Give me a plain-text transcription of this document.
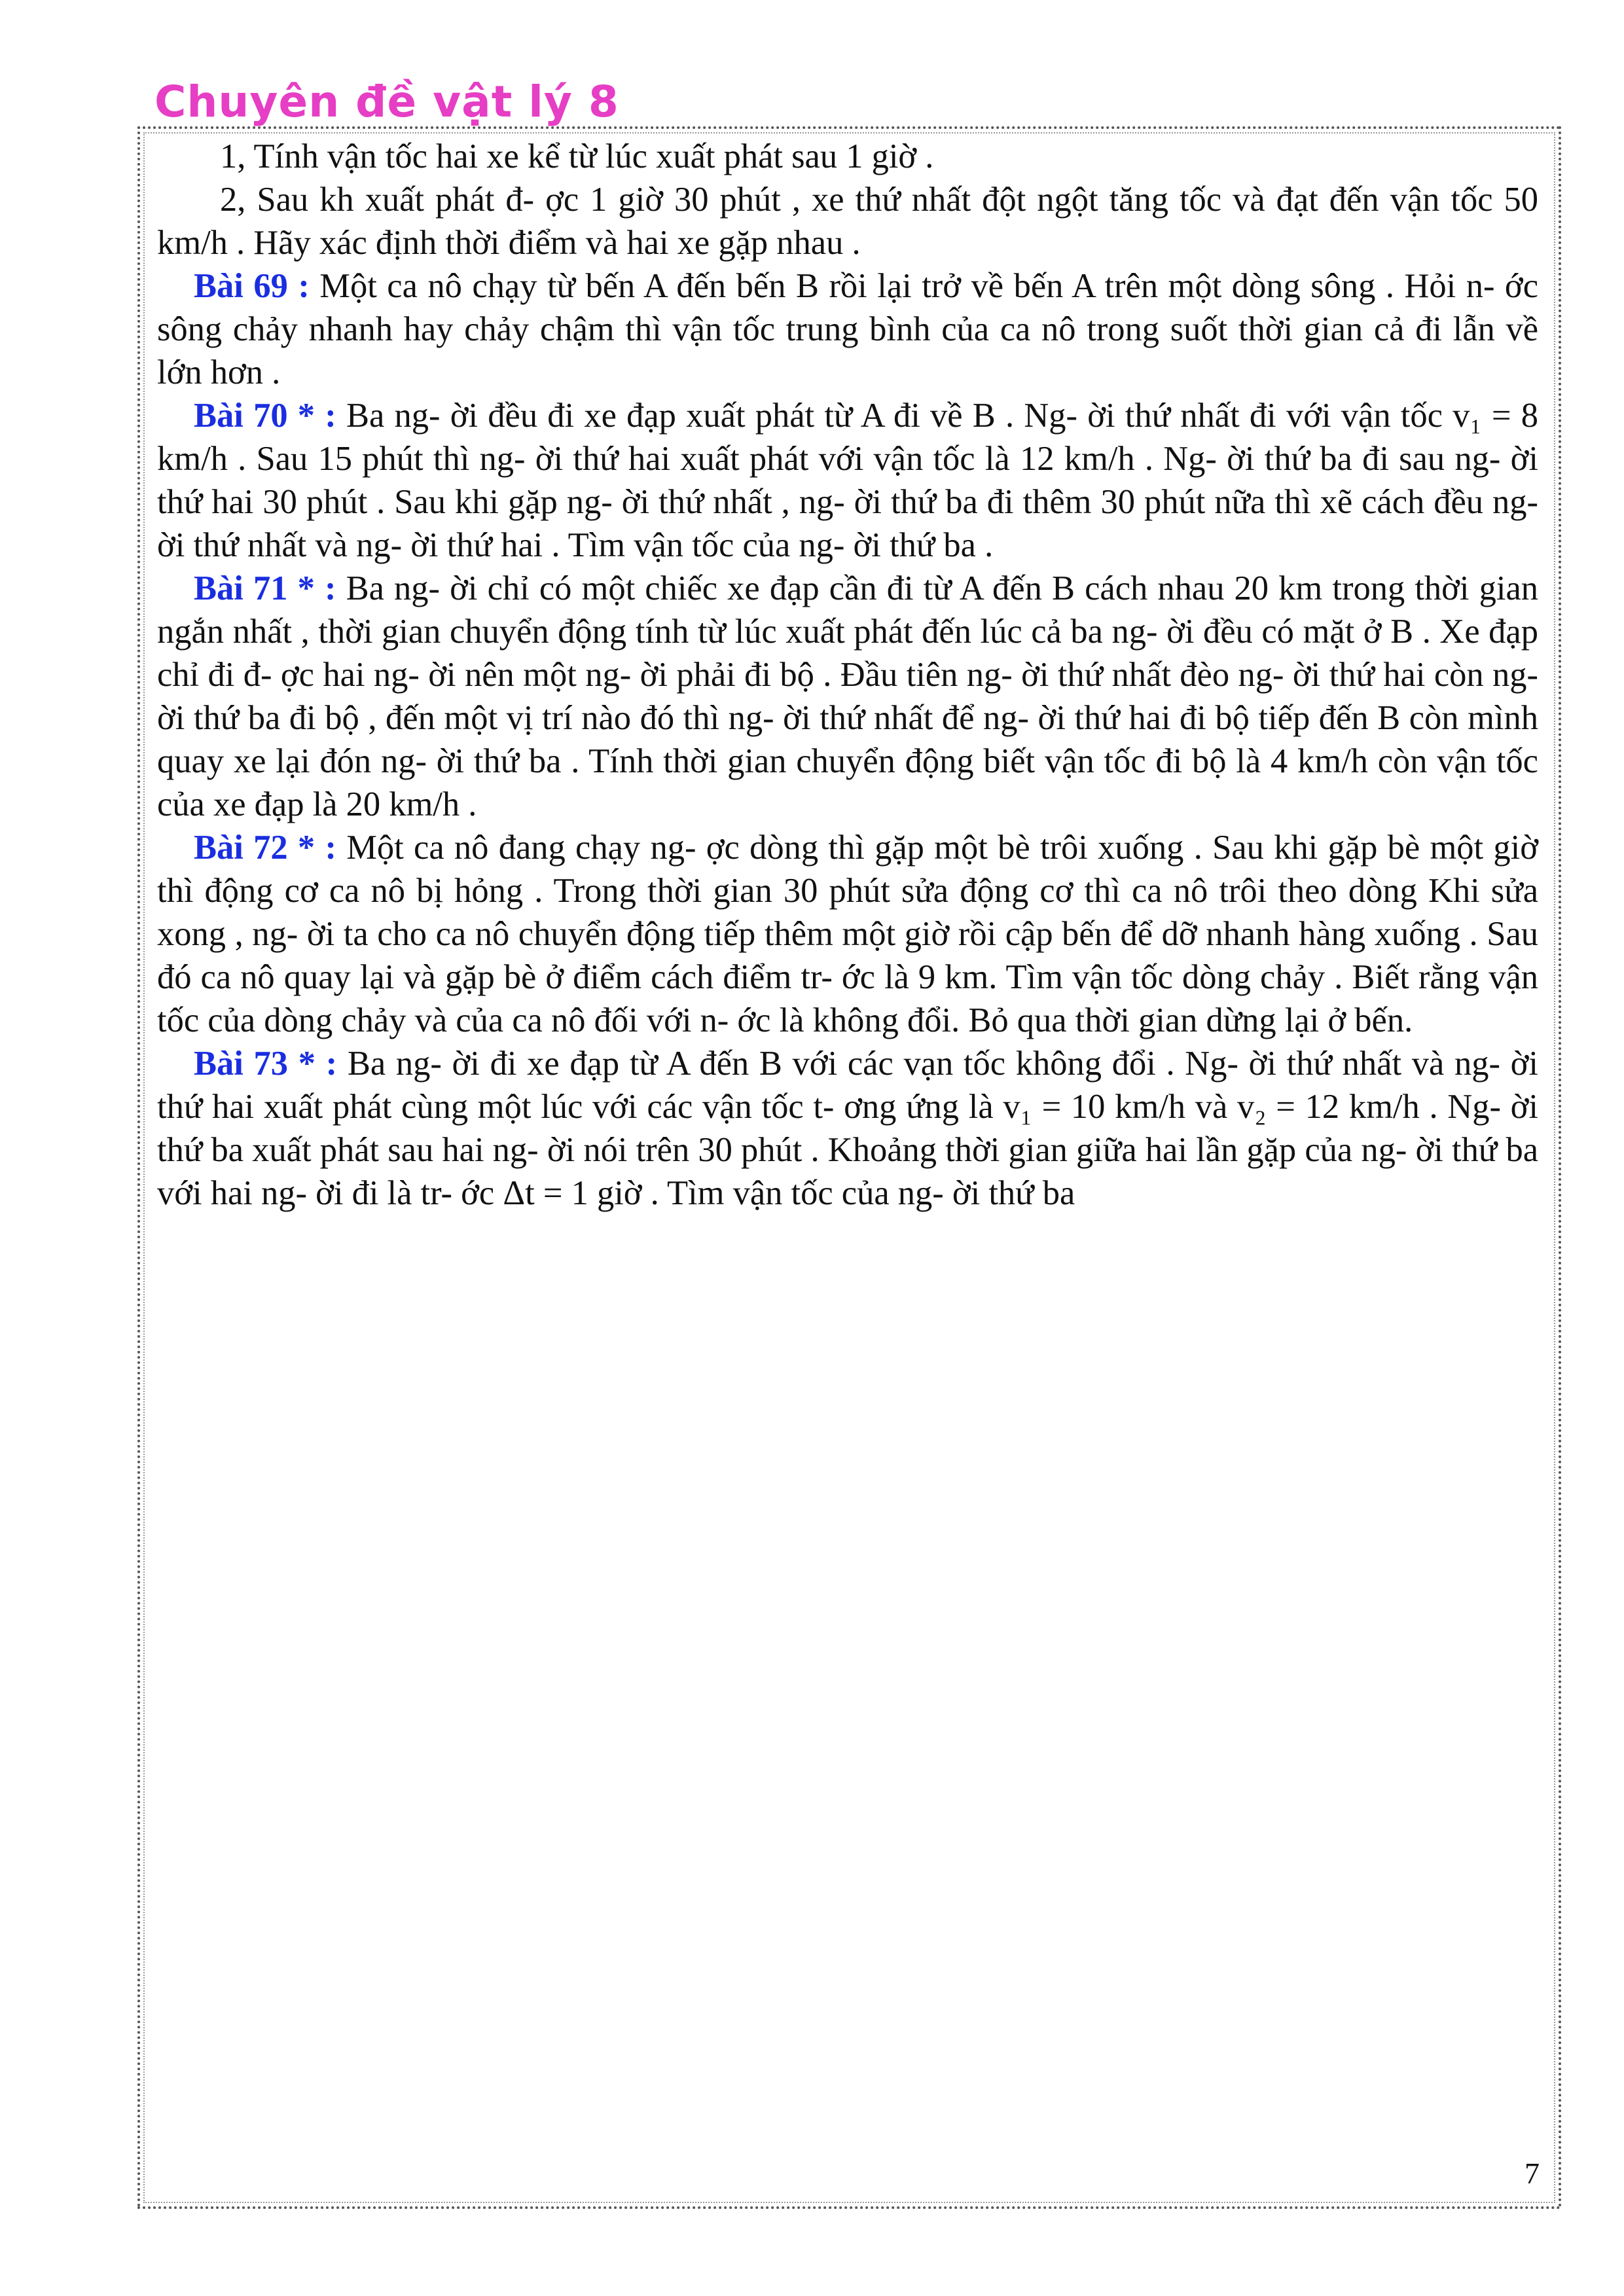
Chuyên đề vật lý 8

1, Tính vận tốc hai xe kể từ lúc xuất phát sau 1 giờ .

2, Sau kh xuất phát đ- ợc 1 giờ 30 phút , xe thứ nhất đột ngột tăng tốc và đạt đến vận tốc 50 km/h . Hãy xác định thời điểm và hai xe gặp nhau .

Bài 69 : Một ca nô chạy từ bến A đến bến B rồi lại trở về bến A trên một dòng sông . Hỏi n- ớc sông chảy nhanh hay chảy chậm thì vận tốc trung bình của ca nô trong suốt thời gian cả đi lẫn về lớn hơn .

Bài 70 * : Ba ng- ời đều đi xe đạp xuất phát từ A đi về B . Ng- ời thứ nhất đi với vận tốc v₁ = 8 km/h . Sau 15 phút thì ng- ời thứ hai xuất phát với vận tốc là 12 km/h . Ng- ời thứ ba đi sau ng- ời thứ hai 30 phút . Sau khi gặp ng- ời thứ nhất , ng- ời thứ ba đi thêm 30 phút nữa thì xẽ cách đều ng- ời thứ nhất và ng- ời thứ hai . Tìm vận tốc của ng- ời thứ ba .

Bài 71 * : Ba ng- ời chỉ có một chiếc xe đạp cần đi từ A đến B cách nhau 20 km trong thời gian ngắn nhất , thời gian chuyển động tính từ lúc xuất phát đến lúc cả ba ng- ời đều có mặt ở B . Xe đạp chỉ đi đ- ợc hai ng- ời nên một ng- ời phải đi bộ . Đầu tiên ng- ời thứ nhất đèo ng- ời thứ hai còn ng- ời thứ ba đi bộ , đến một vị trí nào đó thì ng- ời thứ nhất để ng- ời thứ hai đi bộ tiếp đến B còn mình quay xe lại đón ng- ời thứ ba . Tính thời gian chuyển động biết vận tốc đi bộ là 4 km/h còn vận tốc của xe đạp là 20 km/h .

Bài 72 * : Một ca nô đang chạy ng- ợc dòng thì gặp một bè trôi xuống . Sau khi gặp bè một giờ thì động cơ ca nô bị hỏng . Trong thời gian 30 phút sửa động cơ thì ca nô trôi theo dòng Khi sửa xong , ng- ời ta cho ca nô chuyển động tiếp thêm một giờ rồi cập bến để dỡ nhanh hàng xuống . Sau đó ca nô quay lại và gặp bè ở điểm cách điểm tr- ớc là 9 km. Tìm vận tốc dòng chảy . Biết rằng vận tốc của dòng chảy và của ca nô đối với n- ớc là không đổi. Bỏ qua thời gian dừng lại ở bến.

Bài 73 * : Ba ng- ời đi xe đạp từ A đến B với các vạn tốc không đổi . Ng- ời thứ nhất và ng- ời thứ hai xuất phát cùng một lúc với các vận tốc t- ơng ứng là v₁ = 10 km/h và v₂ = 12 km/h . Ng- ời thứ ba xuất phát sau hai ng- ời nói trên 30 phút . Khoảng thời gian giữa hai lần gặp của ng- ời thứ ba với hai ng- ời đi là tr- ớc Δt = 1 giờ . Tìm vận tốc của ng- ời thứ ba

7
